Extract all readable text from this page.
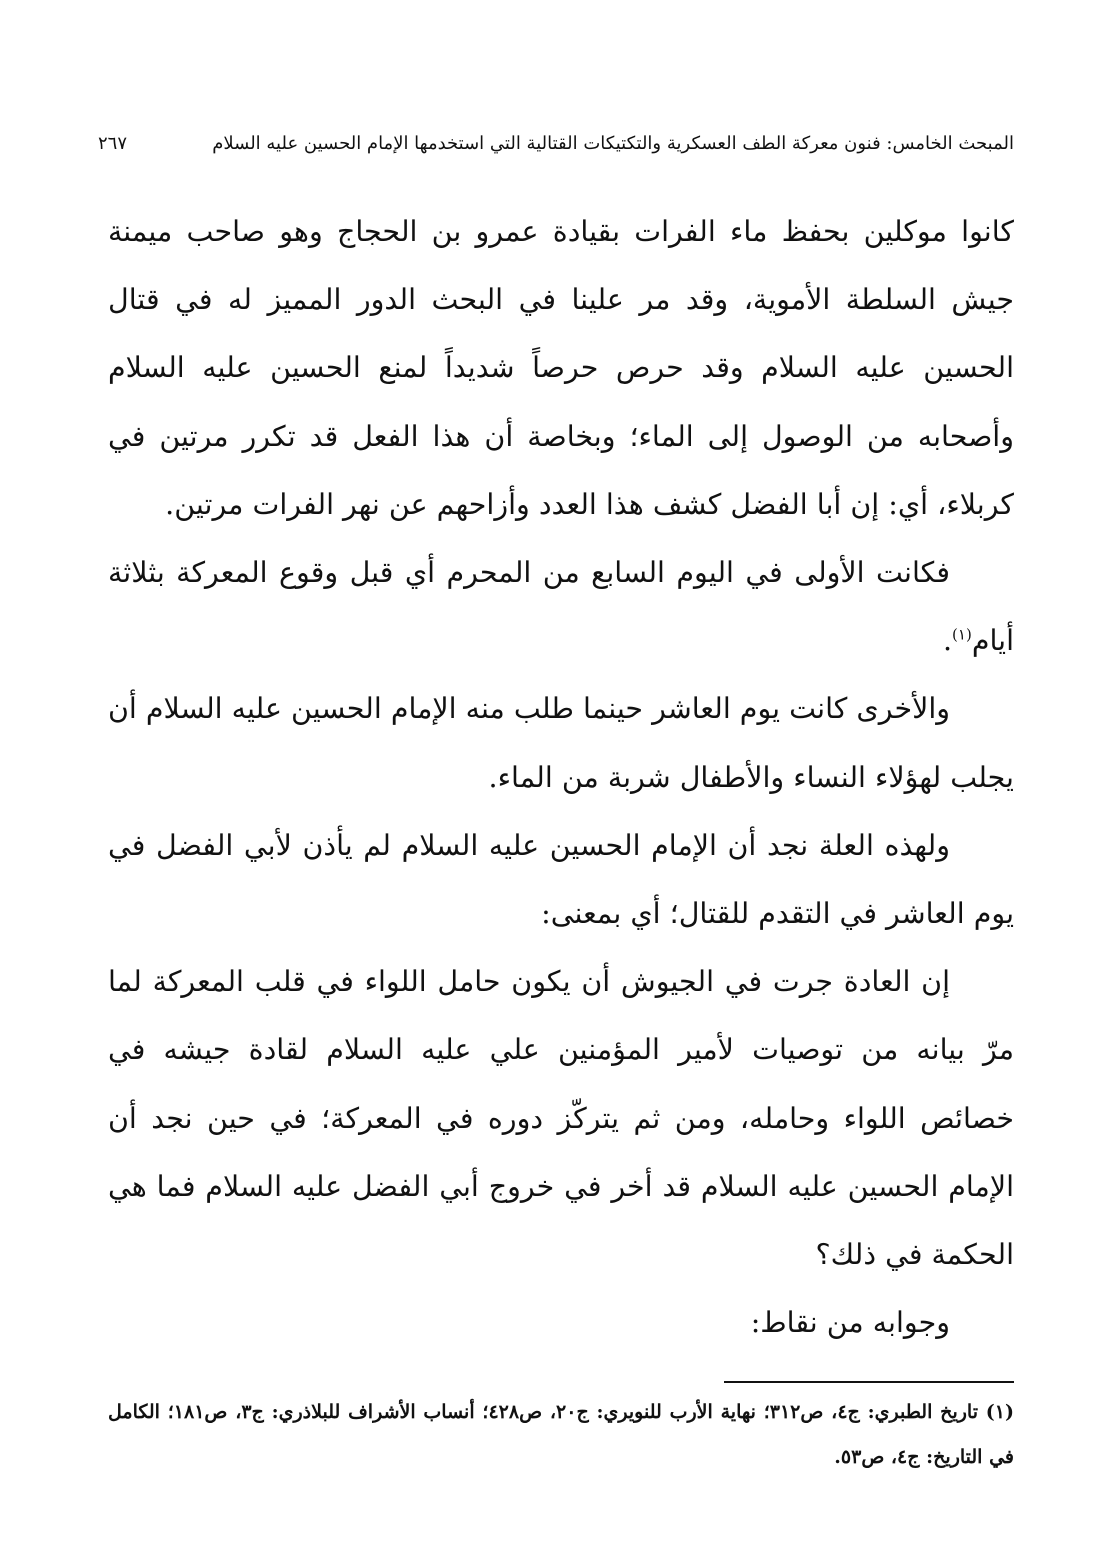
٢٦٧	المبحث الخامس: فنون معركة الطف العسكرية والتكتيكات القتالية التي استخدمها الإمام الحسين عليه السلام

كانوا موكلين بحفظ ماء الفرات بقيادة عمرو بن الحجاج وهو صاحب ميمنة جيش السلطة الأموية، وقد مر علينا في البحث الدور المميز له في قتال الحسين عليه السلام وقد حرص حرصاً شديداً لمنع الحسين عليه السلام وأصحابه من الوصول إلى الماء؛ وبخاصة أن هذا الفعل قد تكرر مرتين في كربلاء، أي: إن أبا الفضل كشف هذا العدد وأزاحهم عن نهر الفرات مرتين.

فكانت الأولى في اليوم السابع من المحرم أي قبل وقوع المعركة بثلاثة أيام$^{(١)}$.

والأخرى كانت يوم العاشر حينما طلب منه الإمام الحسين عليه السلام أن يجلب لهؤلاء النساء والأطفال شربة من الماء.

ولهذه العلة نجد أن الإمام الحسين عليه السلام لم يأذن لأبي الفضل في يوم العاشر في التقدم للقتال؛ أي بمعنى:

إن العادة جرت في الجيوش أن يكون حامل اللواء في قلب المعركة لما مرّ بيانه من توصيات لأمير المؤمنين علي عليه السلام لقادة جيشه في خصائص اللواء وحامله، ومن ثم يتركّز دوره في المعركة؛ في حين نجد أن الإمام الحسين عليه السلام قد أخر في خروج أبي الفضل عليه السلام فما هي الحكمة في ذلك؟

وجوابه من نقاط:

(١) تاريخ الطبري: ج٤، ص٣١٢؛ نهاية الأرب للنويري: ج٢٠، ص٤٢٨؛ أنساب الأشراف للبلاذري: ج٣، ص١٨١؛ الكامل في التاريخ: ج٤، ص٥٣.
